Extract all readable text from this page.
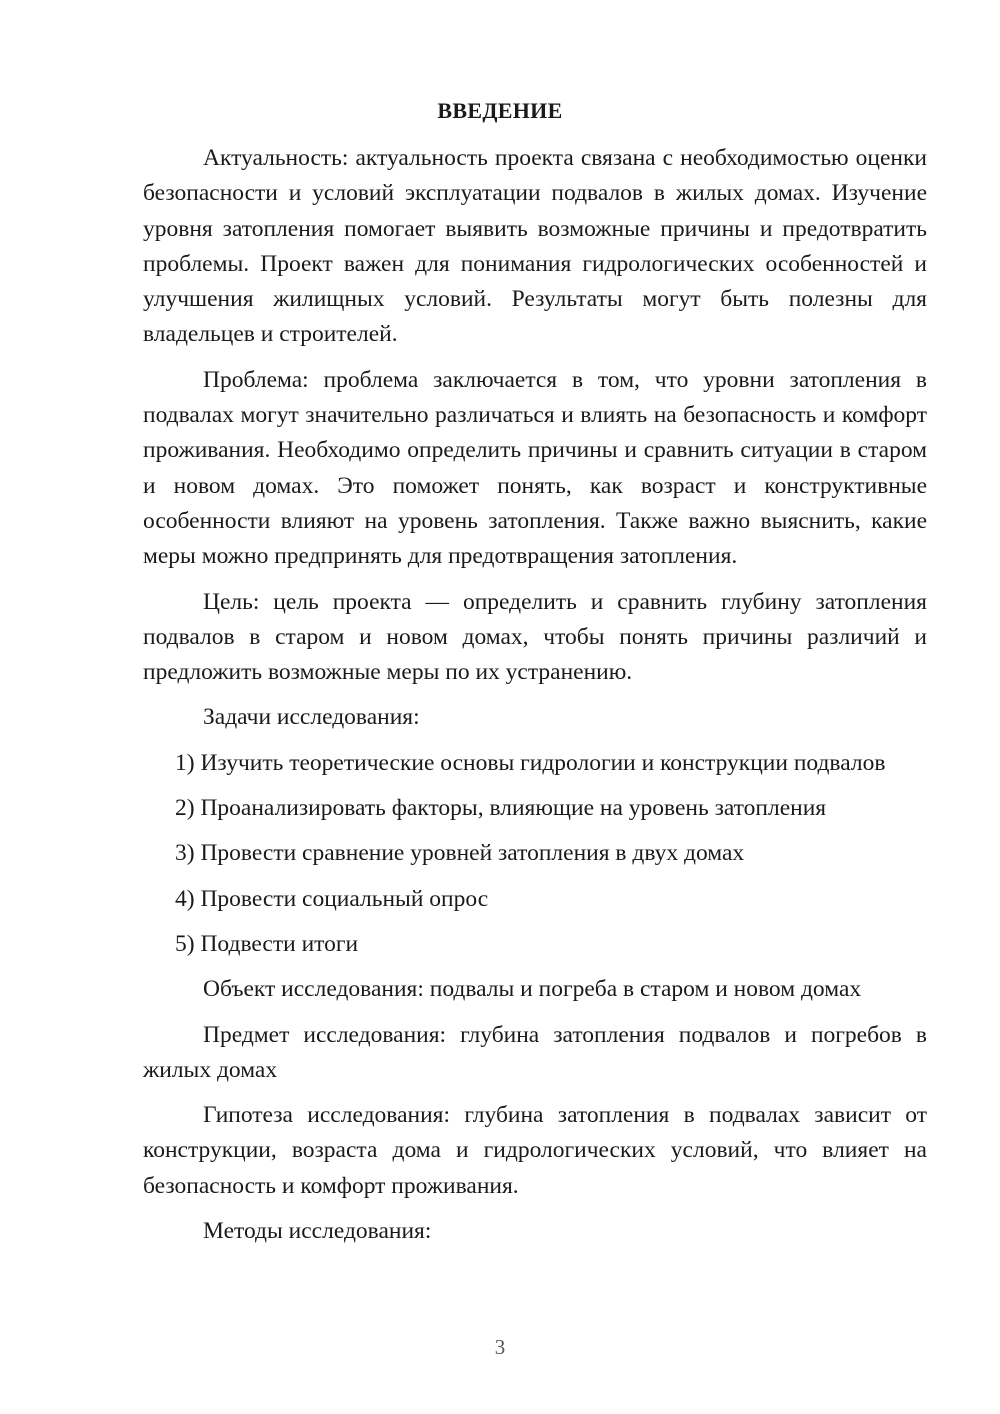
ВВЕДЕНИЕ

Актуальность: актуальность проекта связана с необходимостью оценки безопасности и условий эксплуатации подвалов в жилых домах. Изучение уровня затопления помогает выявить возможные причины и предотвратить проблемы. Проект важен для понимания гидрологических особенностей и улучшения жилищных условий. Результаты могут быть полезны для владельцев и строителей.

Проблема: проблема заключается в том, что уровни затопления в подвалах могут значительно различаться и влиять на безопасность и комфорт проживания. Необходимо определить причины и сравнить ситуации в старом и новом домах. Это поможет понять, как возраст и конструктивные особенности влияют на уровень затопления. Также важно выяснить, какие меры можно предпринять для предотвращения затопления.

Цель: цель проекта — определить и сравнить глубину затопления подвалов в старом и новом домах, чтобы понять причины различий и предложить возможные меры по их устранению.

Задачи исследования:

1) Изучить теоретические основы гидрологии и конструкции подвалов
2) Проанализировать факторы, влияющие на уровень затопления
3) Провести сравнение уровней затопления в двух домах
4) Провести социальный опрос
5) Подвести итоги

Объект исследования: подвалы и погреба в старом и новом домах

Предмет исследования: глубина затопления подвалов и погребов в жилых домах

Гипотеза исследования: глубина затопления в подвалах зависит от конструкции, возраста дома и гидрологических условий, что влияет на безопасность и комфорт проживания.

Методы исследования:

3
